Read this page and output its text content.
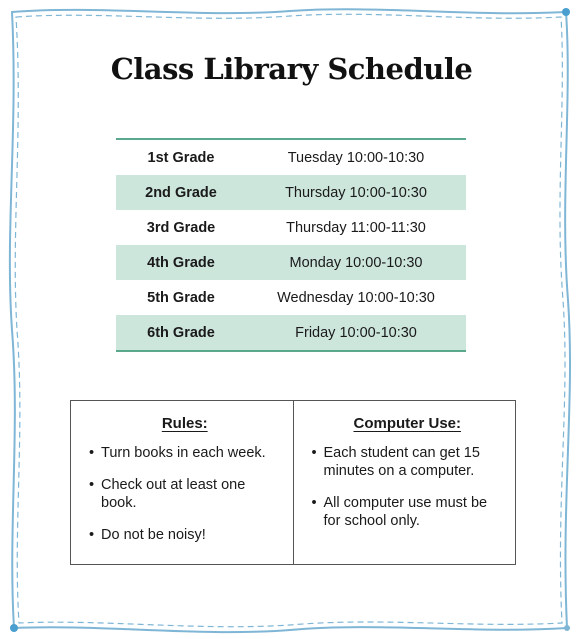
Class Library Schedule
1st Grade	Tuesday 10:00-10:30
2nd Grade	Thursday 10:00-10:30
3rd Grade	Thursday 11:00-11:30
4th Grade	Monday 10:00-10:30
5th Grade	Wednesday 10:00-10:30
6th Grade	Friday 10:00-10:30
Rules:
• Turn books in each week.
• Check out at least one book.
• Do not be noisy!
Computer Use:
• Each student can get 15 minutes on a computer.
• All computer use must be for school only.
